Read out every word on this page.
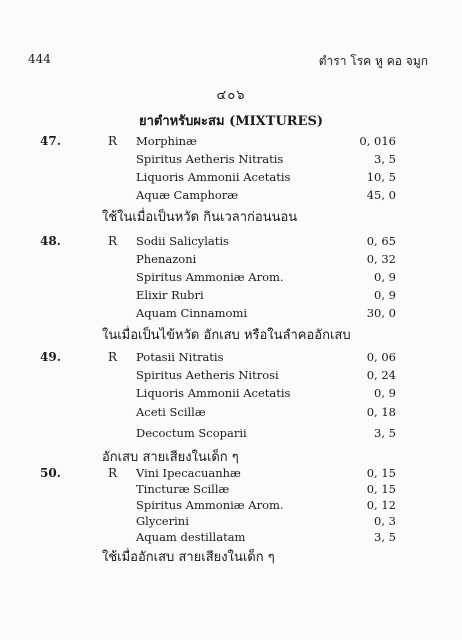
444	ตำรา โรค หู คอ จมูก
๔๐๖
ยาตำหรับผะสม (MIXTURES)
47.	R Morphinæ	0, 016
Spiritus Aetheris Nitratis	3, 5
Liquoris Ammonii Acetatis	10, 5
Aquæ Camphoræ	45, 0
ใช้ในเมื่อเป็นหวัด กินเวลาก่อนนอน
48.	R Sodii Salicylatis	0, 65
Phenazoni	0, 32
Spiritus Ammoniæ Arom.	0, 9
Elixir Rubri	0, 9
Aquam Cinnamomi	30, 0
ในเมื่อเป็นไข้หวัด อักเสบ หรือในลำคออักเสบ
49.	R Potasii Nitratis	0, 06
Spiritus Aetheris Nitrosi	0, 24
Liquoris Ammonii Acetatis	0, 9
Aceti Scillæ	0, 18
Decoctum Scoparii	3, 5
อักเสบ สายเสียงในเด็ก ๆ
50.	R Vini Ipecacuanhæ	0, 15
Tincturæ Scillæ	0, 15
Spiritus Ammoniæ Arom.	0, 12
Glycerini	0, 3
Aquam destillatam	3, 5
ใช้เมื่ออักเสบ สายเสียงในเด็ก ๆ
